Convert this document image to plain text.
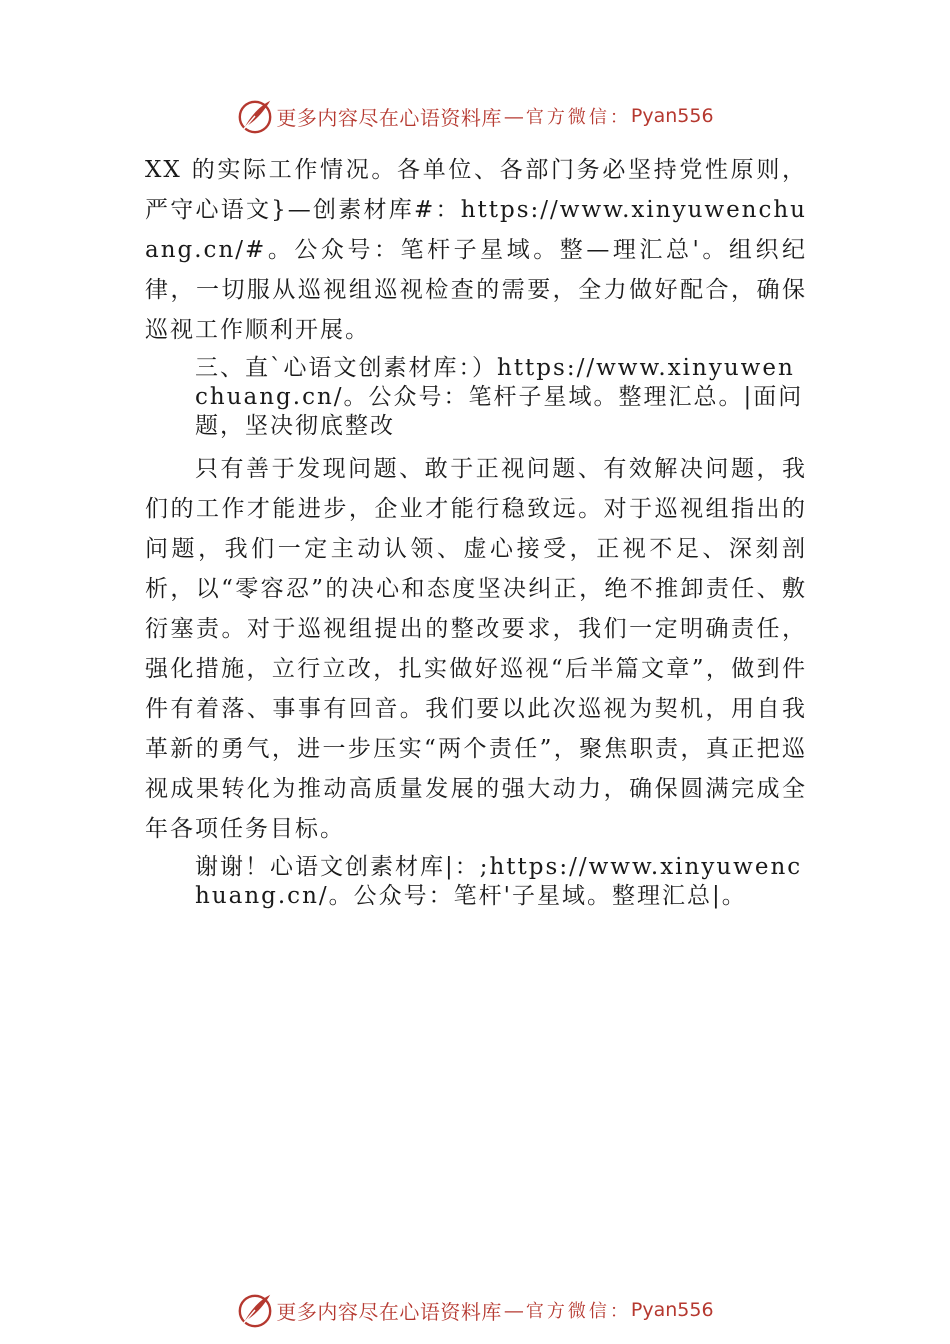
更多内容尽在心语资料库 — 官方微信： Pyan556

XX 的实际工作情况。各单位、各部门务必坚持党性原则，严守心语文}—创素材库#：https://www.xinyuwenchuang.cn/#。公众号：笔杆子星域。整—理汇总'。组织纪律，一切服从巡视组巡视检查的需要，全力做好配合，确保巡视工作顺利开展。

三、直`心语文创素材库：）https://www.xinyuwenchuang.cn/。公众号：笔杆子星域。整理汇总。|面问题，坚决彻底整改

只有善于发现问题、敢于正视问题、有效解决问题，我们的工作才能进步，企业才能行稳致远。对于巡视组指出的问题，我们一定主动认领、虚心接受，正视不足、深刻剖析，以“零容忍”的决心和态度坚决纠正，绝不推卸责任、敷衍塞责。对于巡视组提出的整改要求，我们一定明确责任，强化措施，立行立改，扎实做好巡视“后半篇文章”，做到件件有着落、事事有回音。我们要以此次巡视为契机，用自我革新的勇气，进一步压实“两个责任”，聚焦职责，真正把巡视成果转化为推动高质量发展的强大动力，确保圆满完成全年各项任务目标。

谢谢！心语文创素材库|：;https://www.xinyuwenchuang.cn/。公众号：笔杆'子星域。整理汇总|。

更多内容尽在心语资料库 — 官方微信： Pyan556
